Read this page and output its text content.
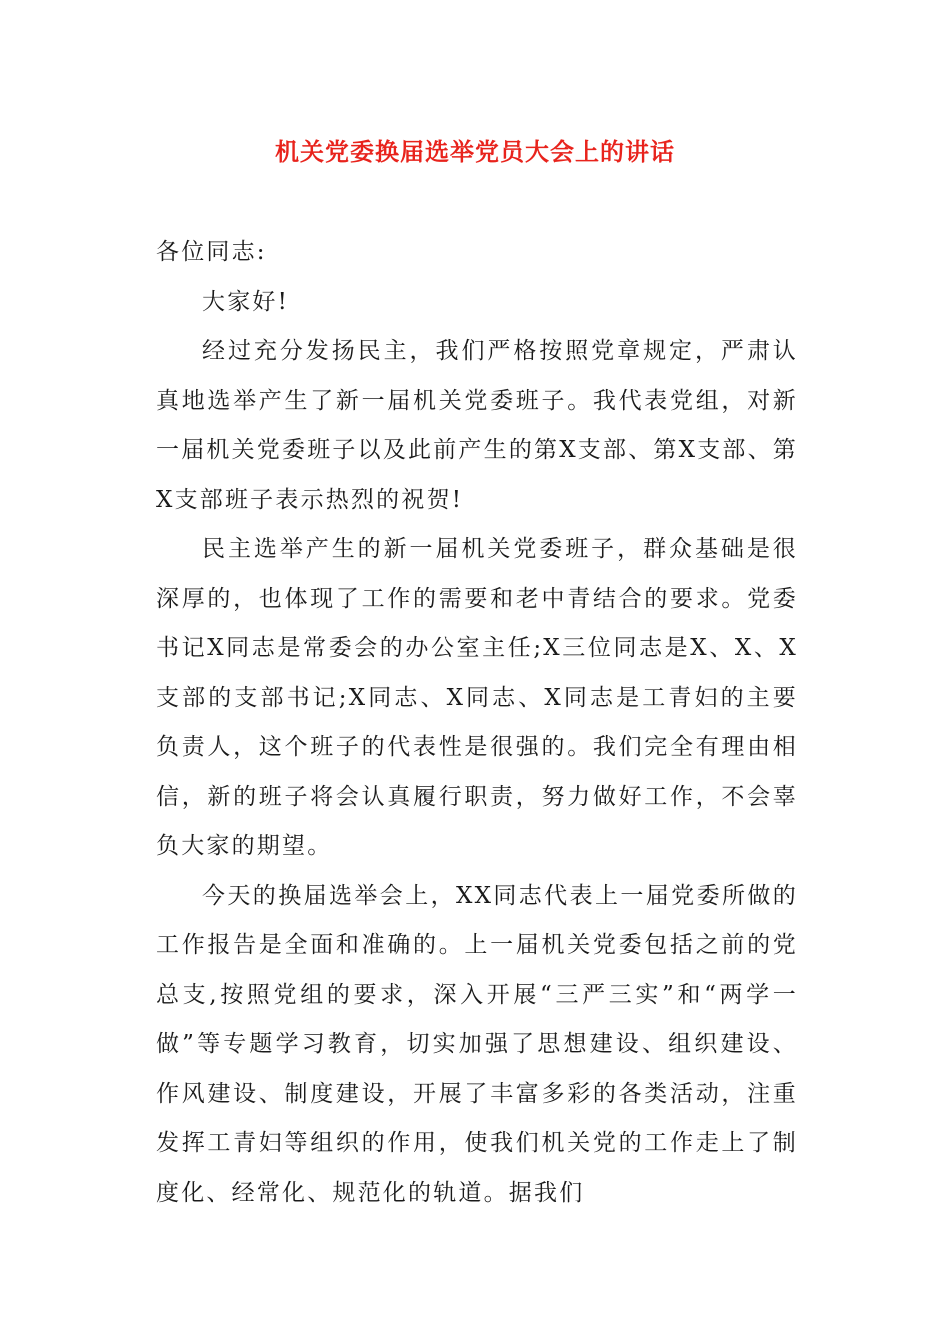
机关党委换届选举党员大会上的讲话

各位同志:

大家好!

经过充分发扬民主，我们严格按照党章规定，严肃认真地选举产生了新一届机关党委班子。我代表党组，对新一届机关党委班子以及此前产生的第X支部、第X支部、第X支部班子表示热烈的祝贺!

民主选举产生的新一届机关党委班子，群众基础是很深厚的，也体现了工作的需要和老中青结合的要求。党委书记X同志是常委会的办公室主任;X三位同志是X、X、X支部的支部书记;X同志、X同志、X同志是工青妇的主要负责人，这个班子的代表性是很强的。我们完全有理由相信，新的班子将会认真履行职责，努力做好工作，不会辜负大家的期望。

今天的换届选举会上，XX同志代表上一届党委所做的工作报告是全面和准确的。上一届机关党委包括之前的党总支,按照党组的要求，深入开展“三严三实”和“两学一做”等专题学习教育，切实加强了思想建设、组织建设、作风建设、制度建设，开展了丰富多彩的各类活动，注重发挥工青妇等组织的作用，使我们机关党的工作走上了制度化、经常化、规范化的轨道。据我们
